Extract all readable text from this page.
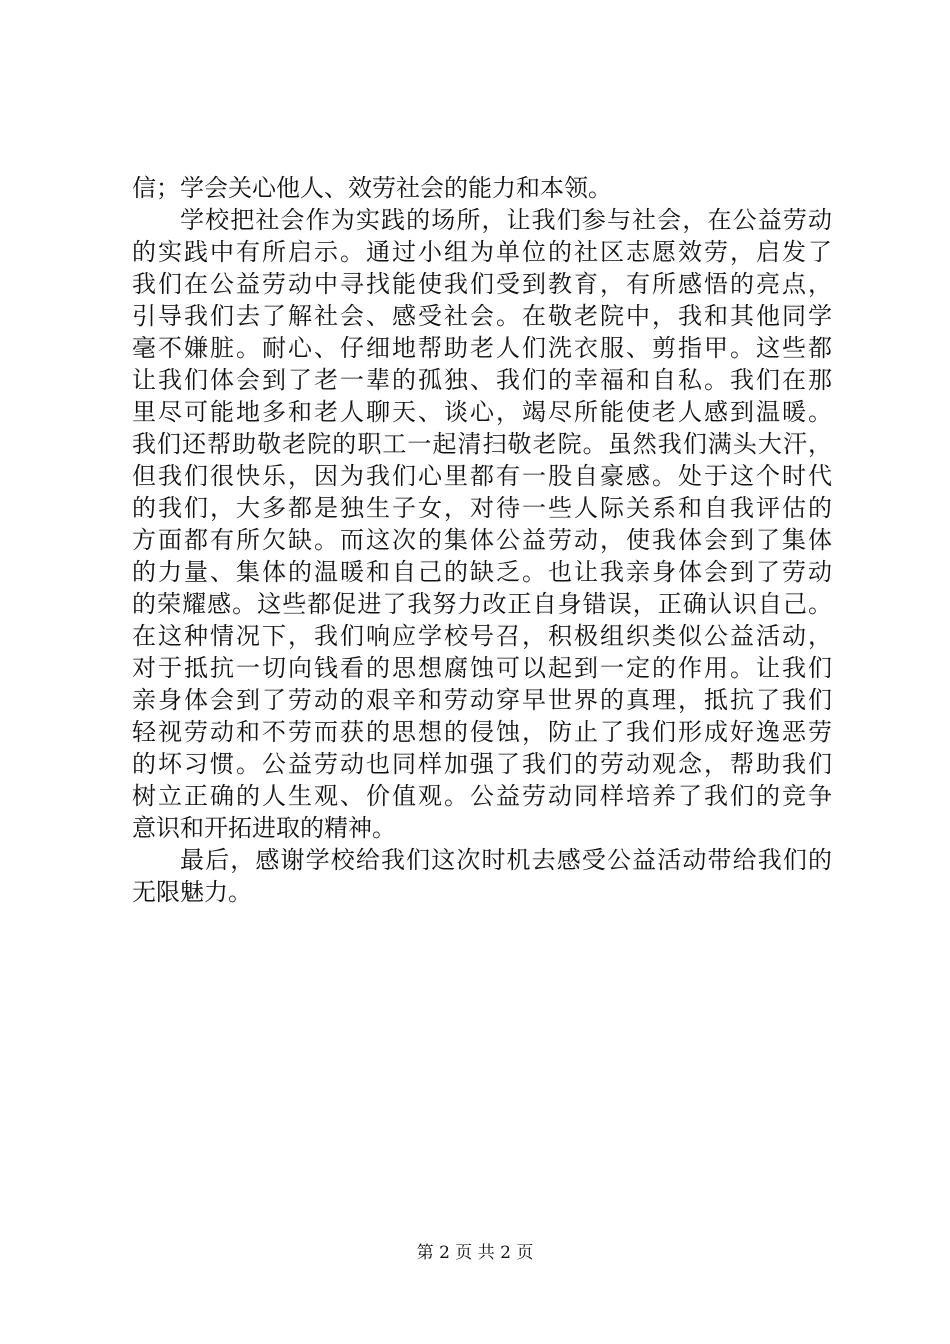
信；学会关心他人、效劳社会的能力和本领。
学校把社会作为实践的场所，让我们参与社会，在公益劳动
的实践中有所启示。通过小组为单位的社区志愿效劳，启发了
我们在公益劳动中寻找能使我们受到教育，有所感悟的亮点，
引导我们去了解社会、感受社会。在敬老院中，我和其他同学
毫不嫌脏。耐心、仔细地帮助老人们洗衣服、剪指甲。这些都
让我们体会到了老一辈的孤独、我们的幸福和自私。我们在那
里尽可能地多和老人聊天、谈心，竭尽所能使老人感到温暖。
我们还帮助敬老院的职工一起清扫敬老院。虽然我们满头大汗，
但我们很快乐，因为我们心里都有一股自豪感。处于这个时代
的我们，大多都是独生子女，对待一些人际关系和自我评估的
方面都有所欠缺。而这次的集体公益劳动，使我体会到了集体
的力量、集体的温暖和自己的缺乏。也让我亲身体会到了劳动
的荣耀感。这些都促进了我努力改正自身错误，正确认识自己。
在这种情况下，我们响应学校号召，积极组织类似公益活动，
对于抵抗一切向钱看的思想腐蚀可以起到一定的作用。让我们
亲身体会到了劳动的艰辛和劳动穿早世界的真理，抵抗了我们
轻视劳动和不劳而获的思想的侵蚀，防止了我们形成好逸恶劳
的坏习惯。公益劳动也同样加强了我们的劳动观念，帮助我们
树立正确的人生观、价值观。公益劳动同样培养了我们的竞争
意识和开拓进取的精神。
最后，感谢学校给我们这次时机去感受公益活动带给我们的
无限魅力。
第 2 页 共 2 页
